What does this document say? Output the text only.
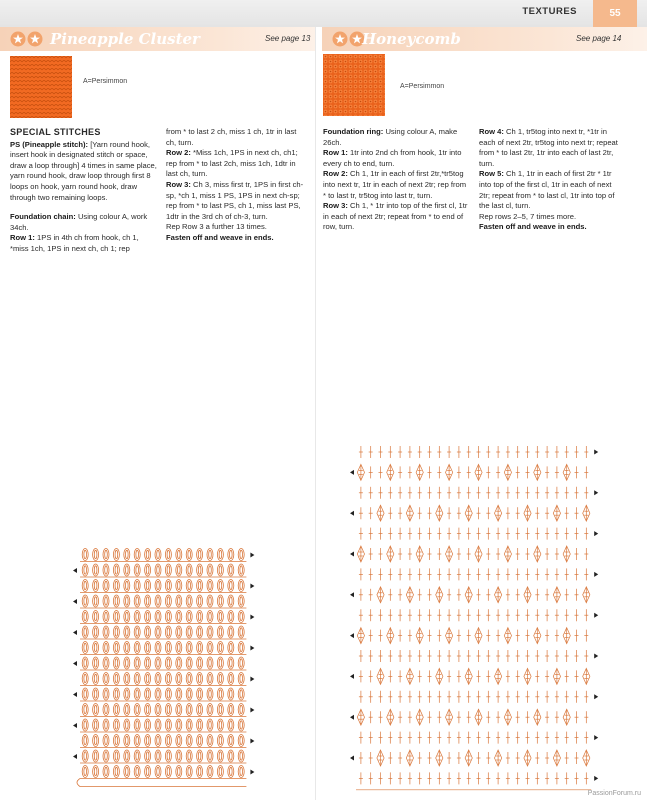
TEXTURES	55
Pineapple Cluster	See page 13	Honeycomb	See page 14
A=Persimmon
A=Persimmon

SPECIAL STITCHES

PS (Pineapple stitch): [Yarn round hook, insert hook in designated stitch or space, draw a loop through] 4 times in same place, yarn round hook, draw loop through first 8 loops on hook, yarn round hook, draw through two remaining loops.

Foundation chain: Using colour A, work 34ch.

Row 1: 1PS in 4th ch from hook, ch 1, *miss 1ch, 1PS in next ch, ch 1; rep

from * to last 2 ch, miss 1 ch, 1tr in last ch, turn.

Row 2: *Miss 1ch, 1PS in next ch, ch1; rep from * to last 2ch, miss 1ch, 1dtr in last ch, turn.

Row 3: Ch 3, miss first tr, 1PS in first ch-sp, *ch 1, miss 1 PS, 1PS in next ch-sp; rep from * to last PS, ch 1, miss last PS, 1dtr in the 3rd ch of ch-3, turn.

Rep Row 3 a further 13 times.

Fasten off and weave in ends.

Foundation ring: Using colour A, make 26ch.

Row 1: 1tr into 2nd ch from hook, 1tr into every ch to end, turn.

Row 2: Ch 1, 1tr in each of first 2tr,*tr5tog into next tr, 1tr in each of next 2tr; rep from * to last tr, tr5tog into last tr, turn.

Row 3: Ch 1, * 1tr into top of the first cl, 1tr in each of next 2tr; repeat from * to end of row, turn.

Row 4: Ch 1, tr5tog into next tr, *1tr in each of next 2tr, tr5tog into next tr; repeat from * to last 2tr, 1tr into each of last 2tr, turn.

Row 5: Ch 1, 1tr in each of first 2tr * 1tr into top of the first cl, 1tr in each of next 2tr; repeat from * to last cl, 1tr into top of the last cl, turn.

Rep rows 2–5, 7 times more.

Fasten off and weave in ends.

PassionForum.ru
